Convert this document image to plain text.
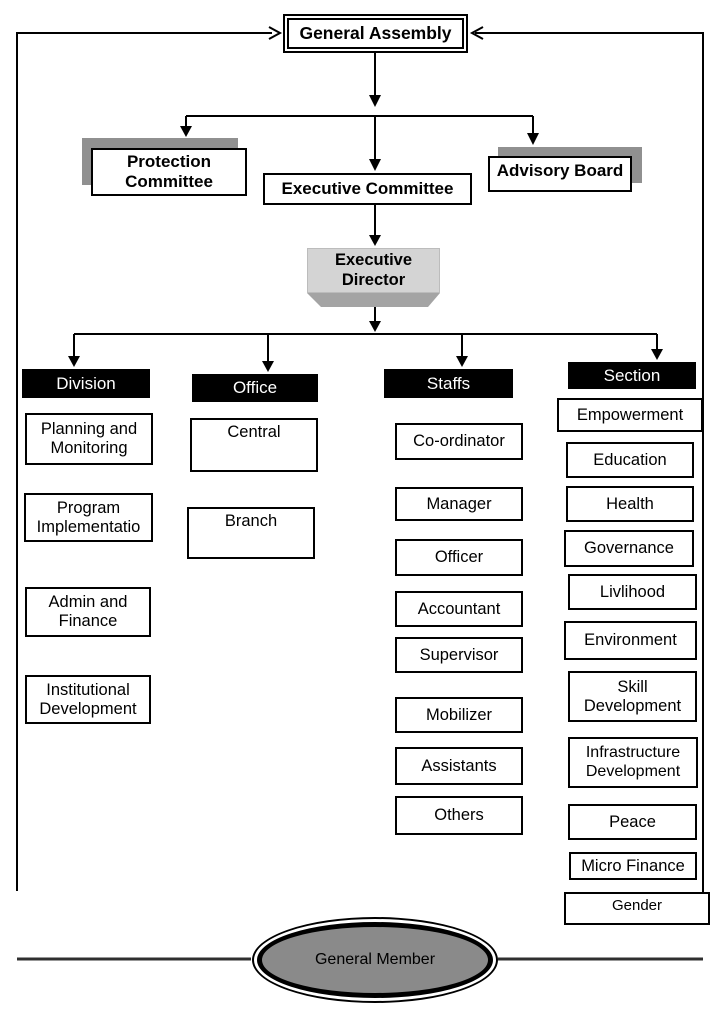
General Assembly
Protection Committee	Executive Committee
Advisory Board
Executive Director
Division	Office	Staffs	Section
Planning and Monitoring
Program Implementatio
Admin and Finance
Institutional Development
Central
Branch
Co-ordinator
Manager
Officer
Accountant
Supervisor
Mobilizer
Assistants
Others
Empowerment
Education
Health
Governance
Livlihood
Environment
Skill Development
Infrastructure Development
Peace
Micro Finance
Gender
General Member
